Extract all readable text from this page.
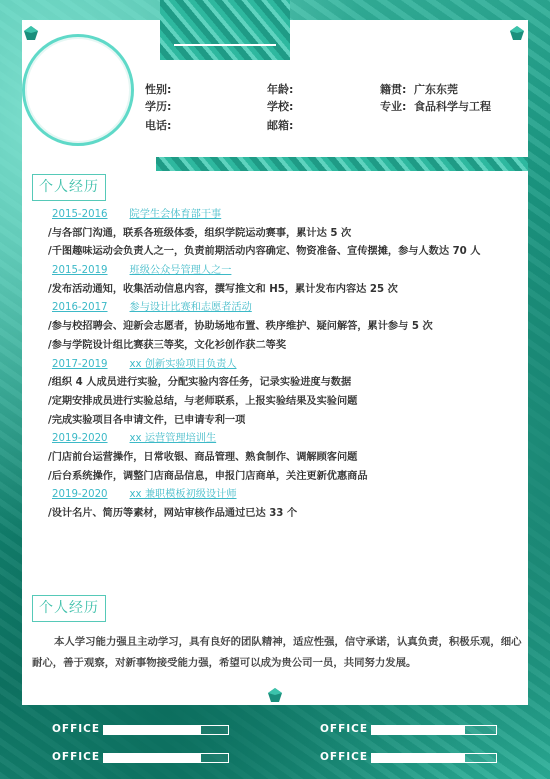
性别:	年龄:	籍贯: 广东东莞
学历:	学校:	专业: 食品科学与工程
电话:	邮箱:
个人经历
2015-2016 院学生会体育部干事
/与各部门沟通，联系各班级体委，组织学院运动赛事，累计达 5 次
/千图趣味运动会负责人之一，负责前期活动内容确定、物资准备、宣传摆摊，参与人数达 70 人
2015-2019 班级公众号管理人之一
/发布活动通知，收集活动信息内容，撰写推文和 H5，累计发布内容达 25 次
2016-2017 参与设计比赛和志愿者活动
/参与校招聘会、迎新会志愿者，协助场地布置、秩序维护、疑问解答，累计参与 5 次
/参与学院设计组比赛获三等奖，文化衫创作获二等奖
2017-2019 xx 创新实验项目负责人
/组织 4 人成员进行实验，分配实验内容任务，记录实验进度与数据
/定期安排成员进行实验总结，与老师联系，上报实验结果及实验问题
/完成实验项目各申请文件，已申请专利一项
2019-2020 xx 运营管理培训生
/门店前台运营操作，日常收银、商品管理、熟食制作、调解顾客问题
/后台系统操作，调整门店商品信息，申报门店商单，关注更新优惠商品
2019-2020 xx 兼职模板初级设计师
/设计名片、简历等素材，网站审核作品通过已达 33 个
个人经历
本人学习能力强且主动学习，具有良好的团队精神，适应性强，信守承诺，认真负责，积极乐观，细心耐心，善于观察，对新事物接受能力强，希望可以成为贵公司一员，共同努力发展。
OFFICE	OFFICE
OFFICE	OFFICE
